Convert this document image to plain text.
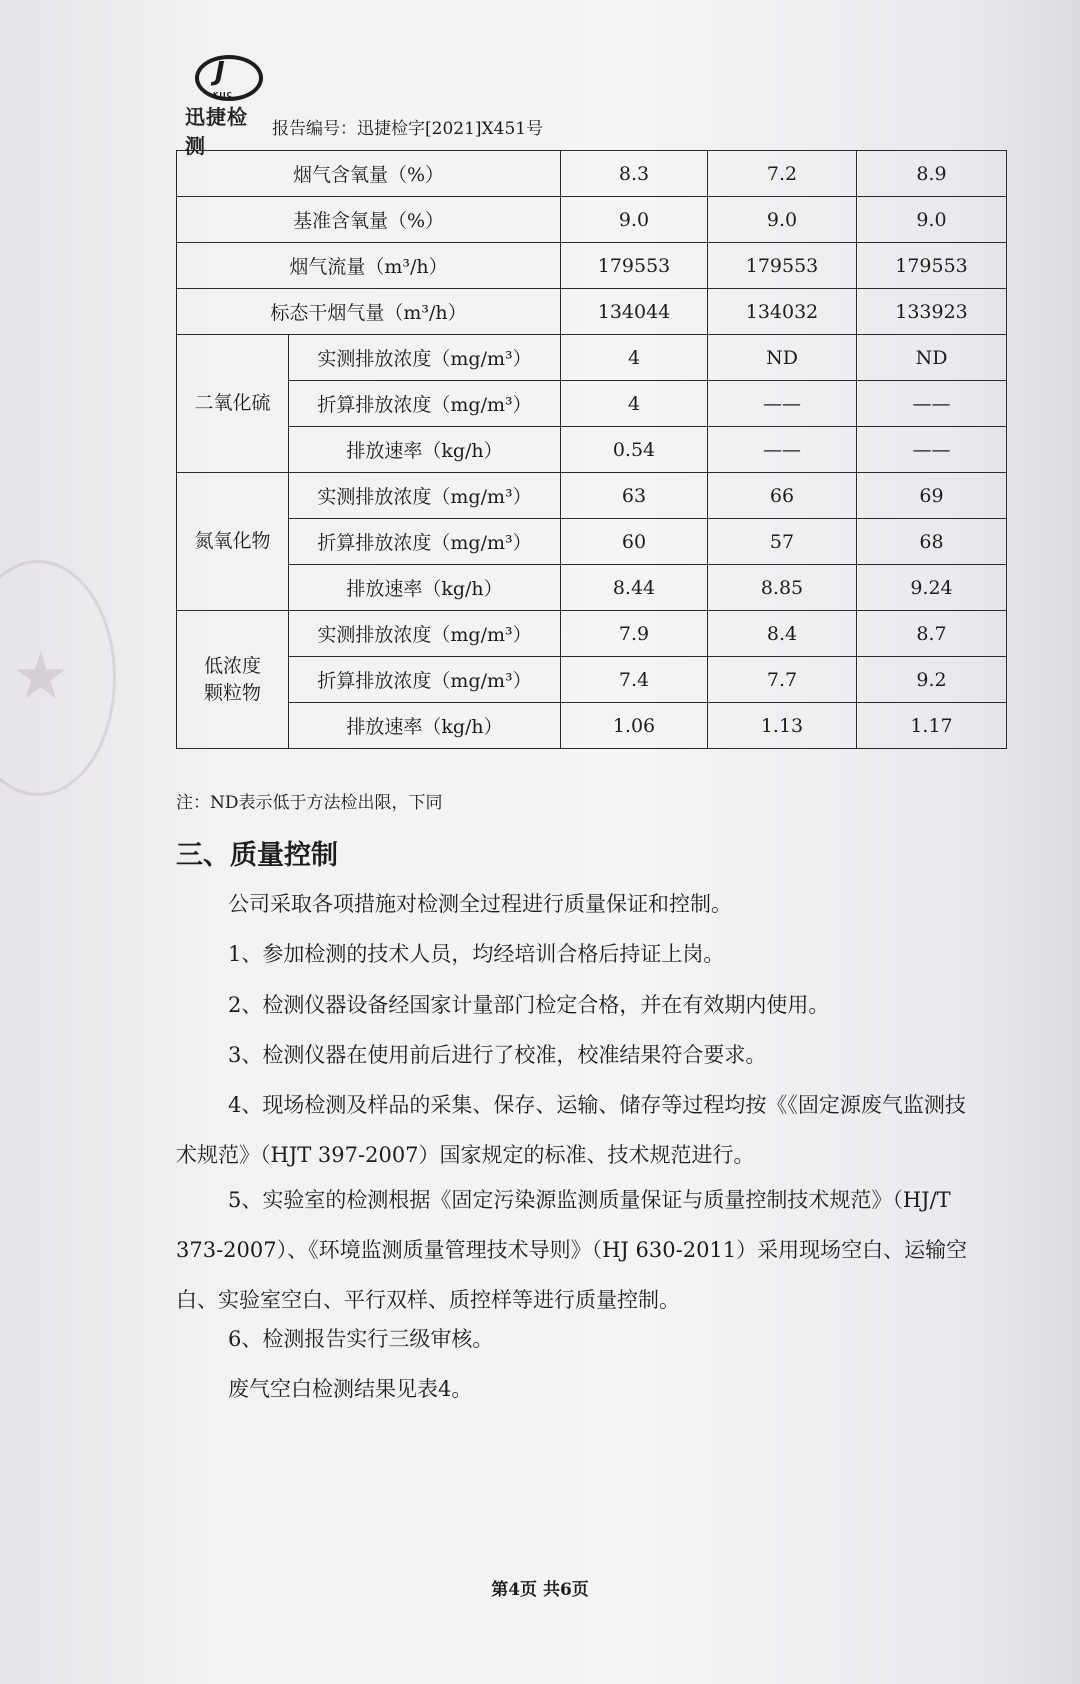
★
J
KJJC
迅捷检测
报告编号：迅捷检字[2021]X451号
烟气含氧量（%）		8.3	7.2	8.9
基准含氧量（%）		9.0	9.0	9.0
烟气流量（m³/h）		179553	179553	179553
标态干烟气量（m³/h）		134044	134032	133923
二氧化硫	实测排放浓度（mg/m³）	4	ND	ND
	折算排放浓度（mg/m³）	4	——	——
	排放速率（kg/h）	0.54	——	——
氮氧化物	实测排放浓度（mg/m³）	63	66	69
	折算排放浓度（mg/m³）	60	57	68
	排放速率（kg/h）	8.44	8.85	9.24
低浓度
颗粒物	实测排放浓度（mg/m³）	7.9	8.4	8.7
	折算排放浓度（mg/m³）	7.4	7.7	9.2
	排放速率（kg/h）	1.06	1.13	1.17
注：ND表示低于方法检出限，下同
三、质量控制
公司采取各项措施对检测全过程进行质量保证和控制。
1、参加检测的技术人员，均经培训合格后持证上岗。
2、检测仪器设备经国家计量部门检定合格，并在有效期内使用。
3、检测仪器在使用前后进行了校准，校准结果符合要求。
4、现场检测及样品的采集、保存、运输、储存等过程均按《《固定源废气监测技术规范》（HJT 397-2007）国家规定的标准、技术规范进行。
5、实验室的检测根据《固定污染源监测质量保证与质量控制技术规范》（HJ/T 373-2007）、《环境监测质量管理技术导则》（HJ 630-2011）采用现场空白、运输空白、实验室空白、平行双样、质控样等进行质量控制。
6、检测报告实行三级审核。
废气空白检测结果见表4。
第4页 共6页
